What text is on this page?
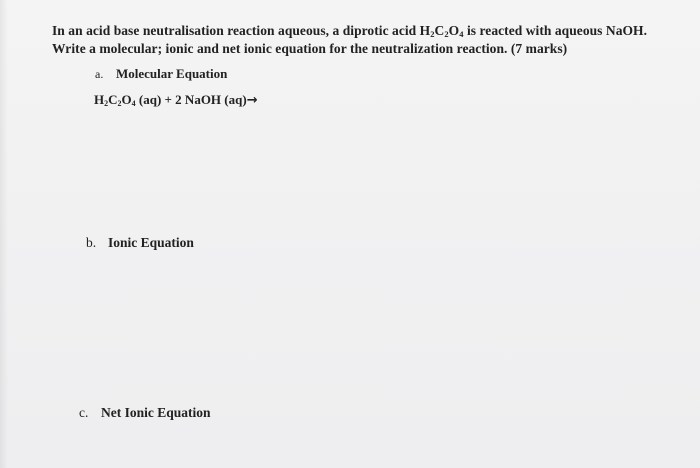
In an acid base neutralisation reaction aqueous, a diprotic acid $H_2C_2O_4$ is reacted with aqueous NaOH. Write a molecular; ionic and net ionic equation for the neutralization reaction. (7 marks)
a. Molecular Equation
$H_2C_2O_4$ (aq) + 2 NaOH (aq)→
b. Ionic Equation
c. Net Ionic Equation
